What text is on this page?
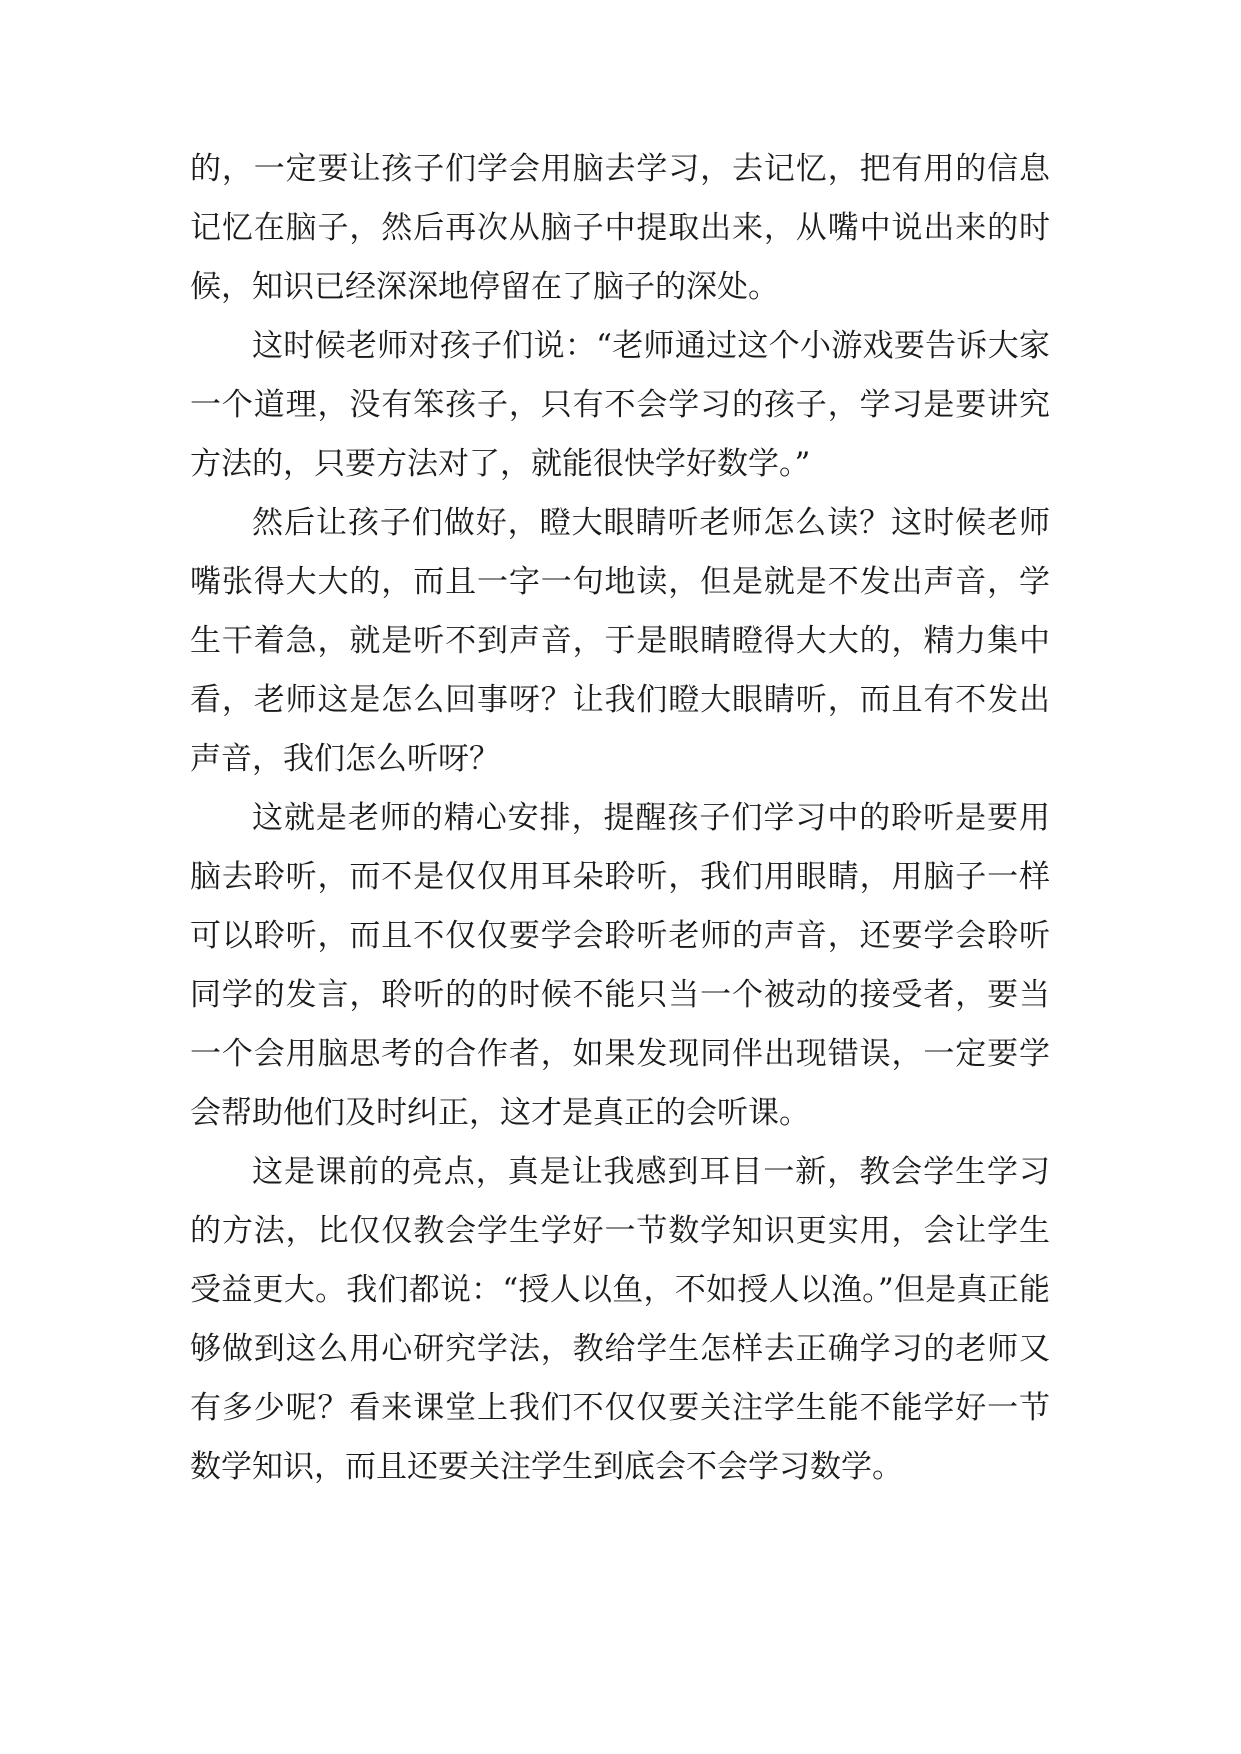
的，一定要让孩子们学会用脑去学习，去记忆，把有用的信息记忆在脑子，然后再次从脑子中提取出来，从嘴中说出来的时候，知识已经深深地停留在了脑子的深处。

这时候老师对孩子们说：“老师通过这个小游戏要告诉大家一个道理，没有笨孩子，只有不会学习的孩子，学习是要讲究方法的，只要方法对了，就能很快学好数学。”

然后让孩子们做好，瞪大眼睛听老师怎么读？这时候老师嘴张得大大的，而且一字一句地读，但是就是不发出声音，学生干着急，就是听不到声音，于是眼睛瞪得大大的，精力集中看，老师这是怎么回事呀？让我们瞪大眼睛听，而且有不发出声音，我们怎么听呀？

这就是老师的精心安排，提醒孩子们学习中的聆听是要用脑去聆听，而不是仅仅用耳朵聆听，我们用眼睛，用脑子一样可以聆听，而且不仅仅要学会聆听老师的声音，还要学会聆听同学的发言，聆听的的时候不能只当一个被动的接受者，要当一个会用脑思考的合作者，如果发现同伴出现错误，一定要学会帮助他们及时纠正，这才是真正的会听课。

这是课前的亮点，真是让我感到耳目一新，教会学生学习的方法，比仅仅教会学生学好一节数学知识更实用，会让学生受益更大。我们都说：“授人以鱼，不如授人以渔。”但是真正能够做到这么用心研究学法，教给学生怎样去正确学习的老师又有多少呢？看来课堂上我们不仅仅要关注学生能不能学好一节数学知识，而且还要关注学生到底会不会学习数学。
